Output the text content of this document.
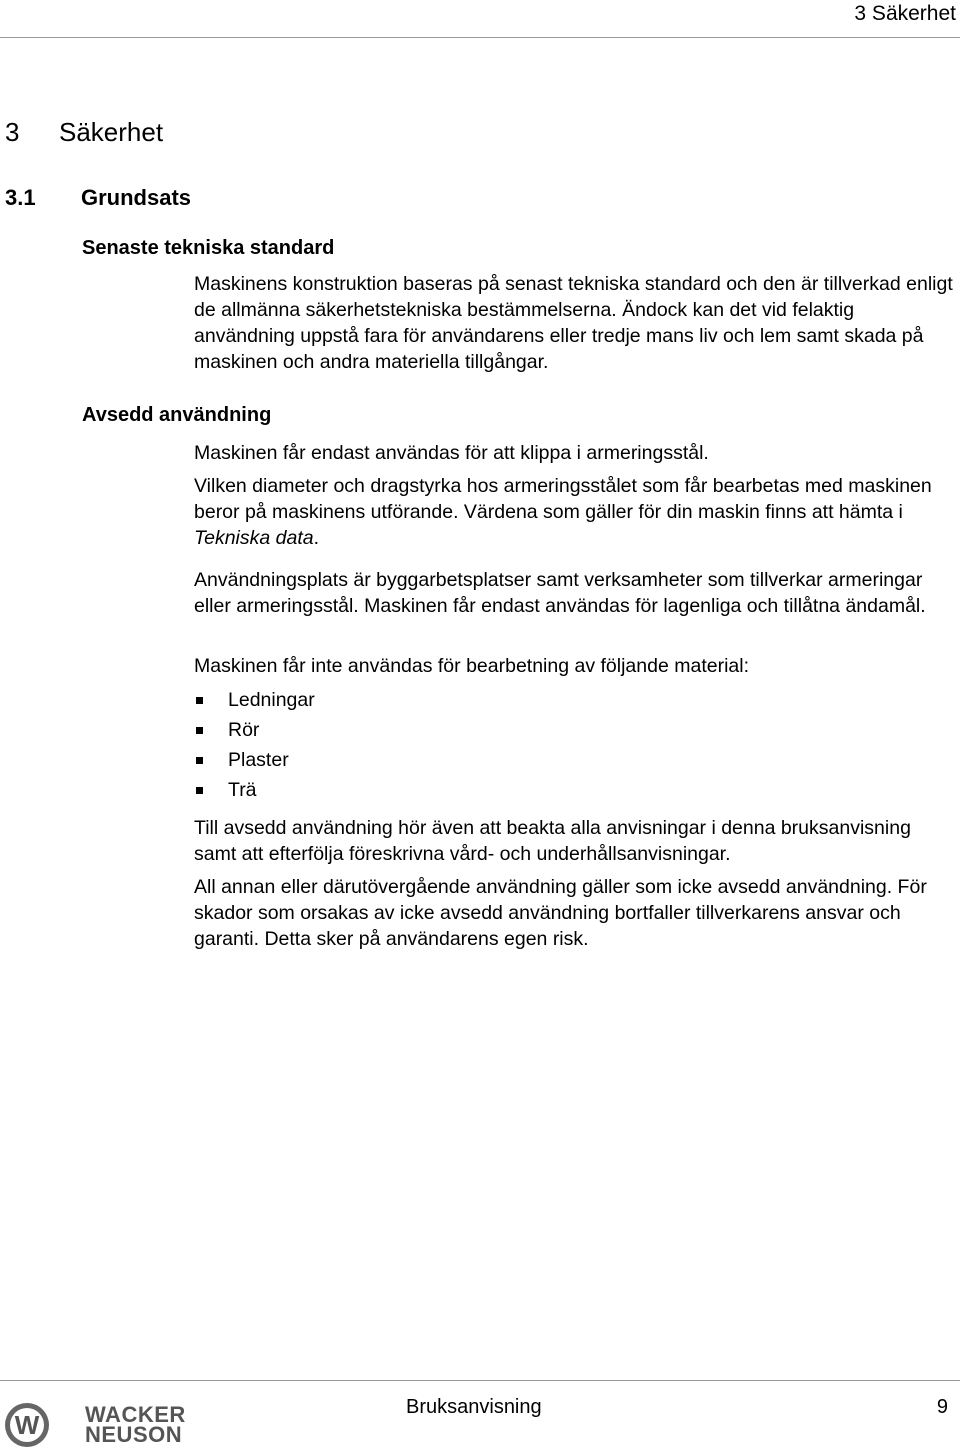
3 Säkerhet
3 Säkerhet
3.1 Grundsats
Senaste tekniska standard

Maskinens konstruktion baseras på senast tekniska standard och den är tillverkad enligt de allmänna säkerhetstekniska bestämmelserna. Ändock kan det vid felaktig användning uppstå fara för användarens eller tredje mans liv och lem samt skada på maskinen och andra materiella tillgångar.

Avsedd användning

Maskinen får endast användas för att klippa i armeringsstål.

Vilken diameter och dragstyrka hos armeringsstålet som får bearbetas med maskinen beror på maskinens utförande. Värdena som gäller för din maskin finns att hämta i Tekniska data.

Användningsplats är byggarbetsplatser samt verksamheter som tillverkar armeringar eller armeringsstål. Maskinen får endast användas för lagenliga och tillåtna ändamål.

Maskinen får inte användas för bearbetning av följande material:

Ledningar
Rör
Plaster
Trä

Till avsedd användning hör även att beakta alla anvisningar i denna bruksanvisning samt att efterfölja föreskrivna vård- och underhållsanvisningar.

All annan eller därutövergående användning gäller som icke avsedd användning. För skador som orsakas av icke avsedd användning bortfaller tillverkarens ansvar och garanti. Detta sker på användarens egen risk.

W WACKER
NEUSON
Bruksanvisning	9
